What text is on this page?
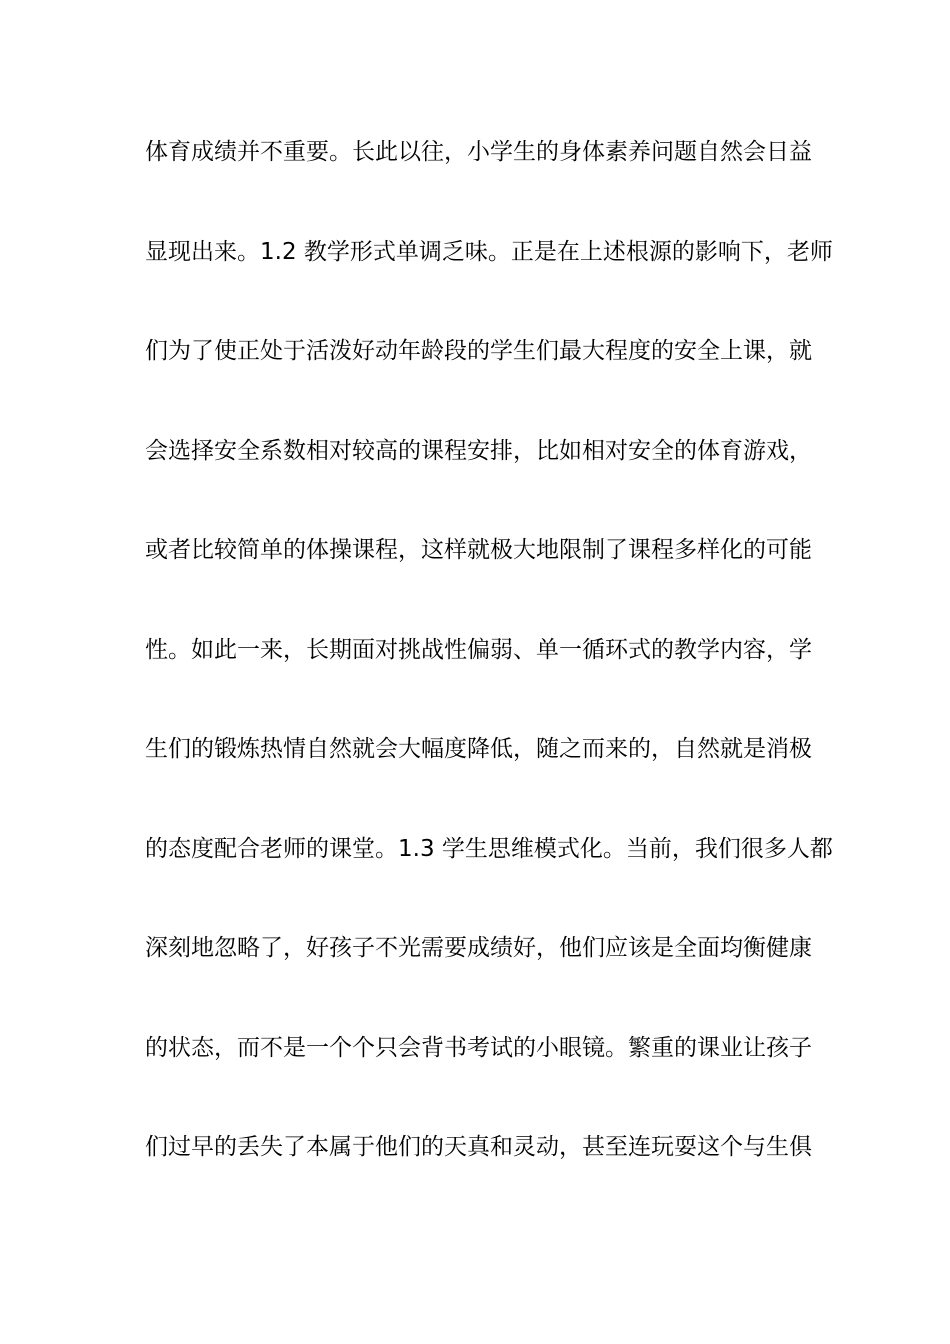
体育成绩并不重要。长此以往，小学生的身体素养问题自然会日益
显现出来。1.2 教学形式单调乏味。正是在上述根源的影响下，老师
们为了使正处于活泼好动年龄段的学生们最大程度的安全上课，就
会选择安全系数相对较高的课程安排，比如相对安全的体育游戏，
或者比较简单的体操课程，这样就极大地限制了课程多样化的可能
性。如此一来，长期面对挑战性偏弱、单一循环式的教学内容，学
生们的锻炼热情自然就会大幅度降低，随之而来的，自然就是消极
的态度配合老师的课堂。1.3 学生思维模式化。当前，我们很多人都
深刻地忽略了，好孩子不光需要成绩好，他们应该是全面均衡健康
的状态，而不是一个个只会背书考试的小眼镜。繁重的课业让孩子
们过早的丢失了本属于他们的天真和灵动，甚至连玩耍这个与生俱
